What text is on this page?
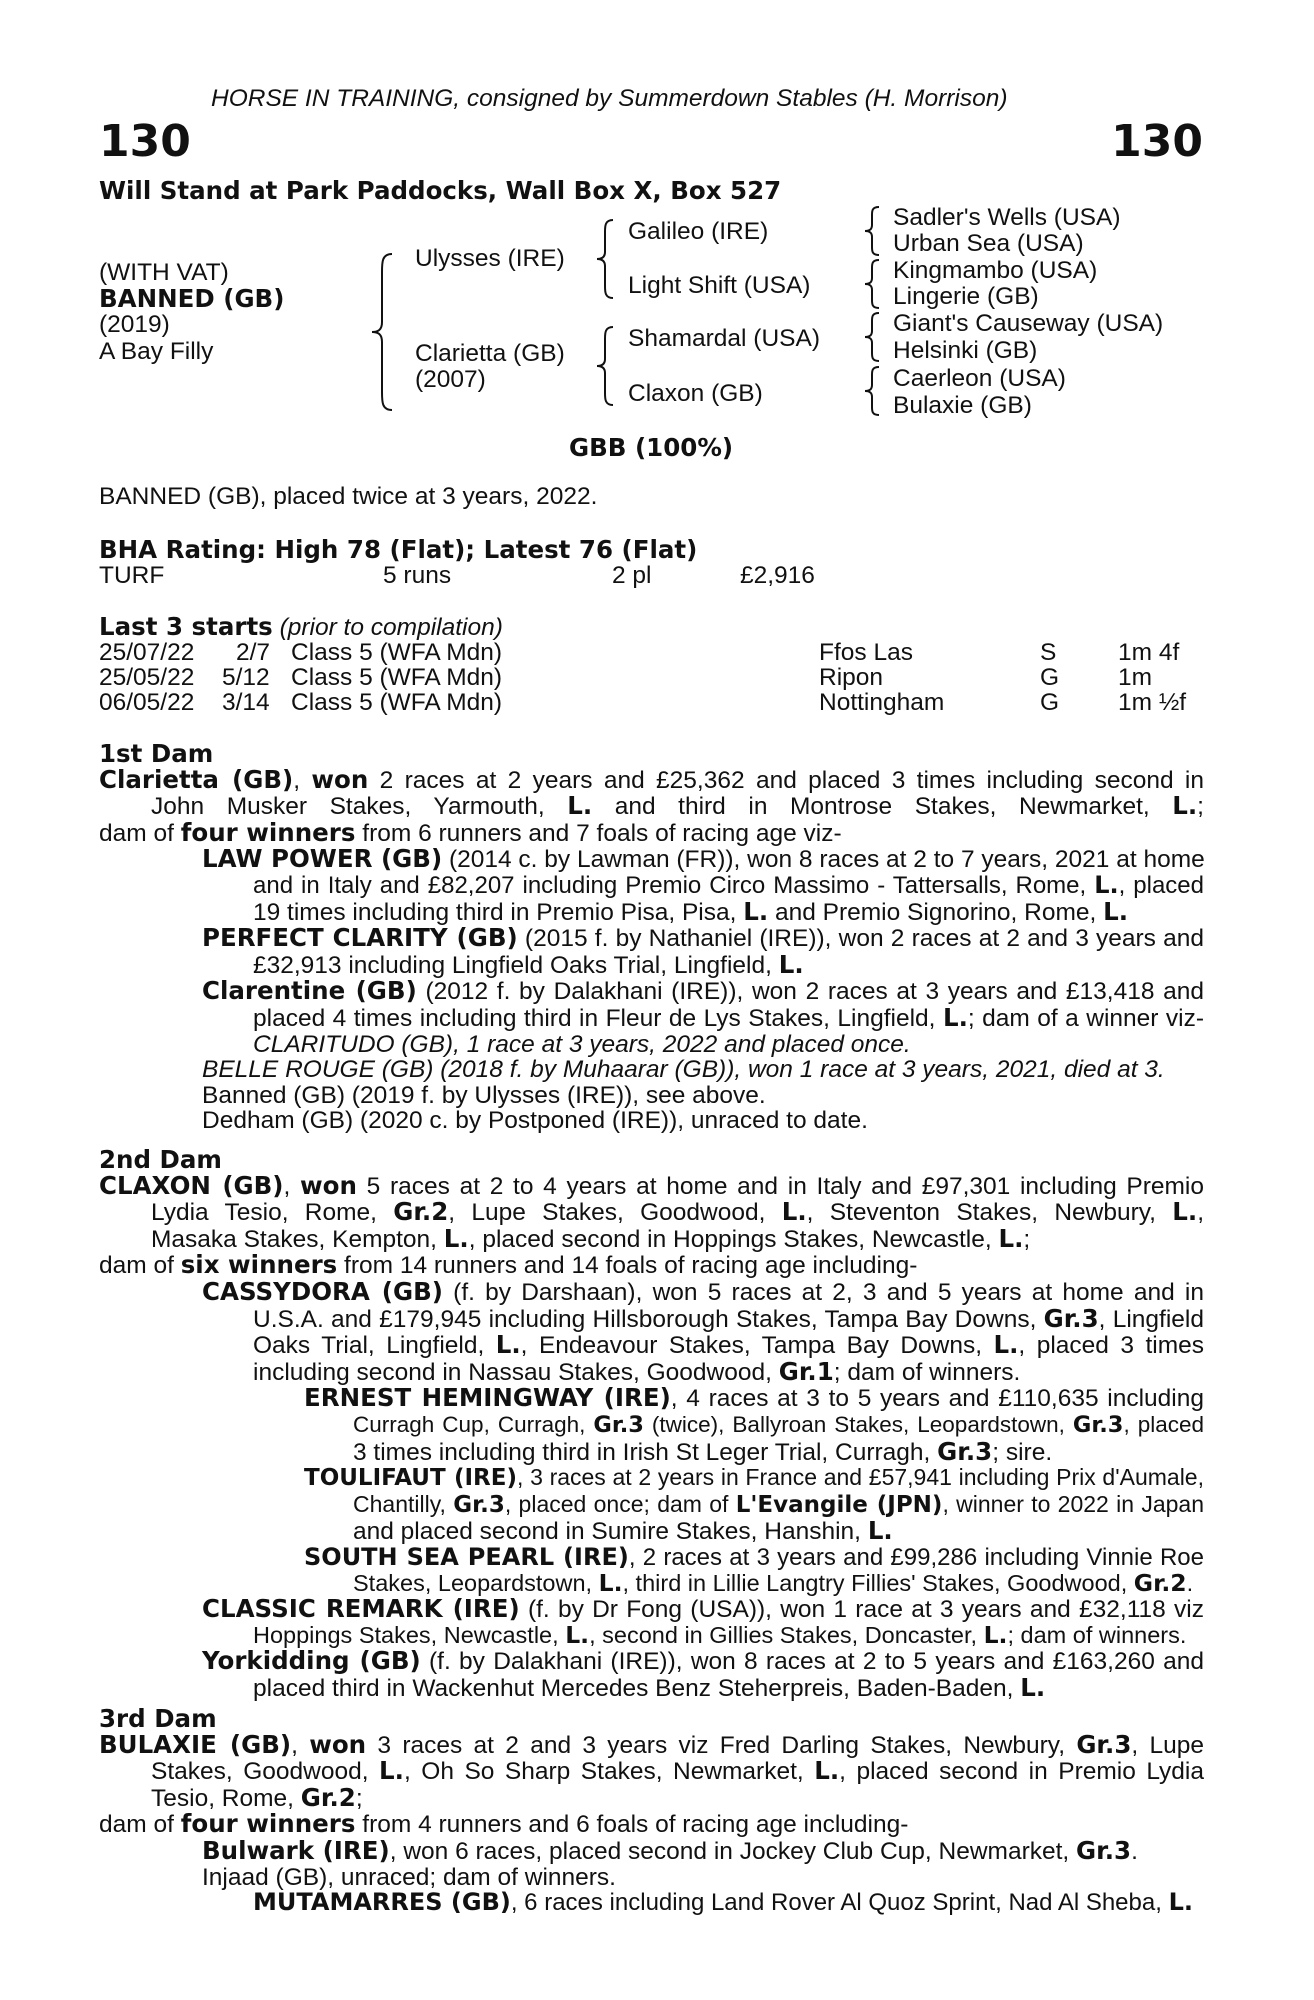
HORSE IN TRAINING, consigned by Summerdown Stables (H. Morrison)
130	130
Will Stand at Park Paddocks, Wall Box X, Box 527
(WITH VAT)
BANNED (GB)
(2019)
A Bay Filly
Ulysses (IRE)
Clarietta (GB)
(2007)
Galileo (IRE)
Light Shift (USA)
Shamardal (USA)
Claxon (GB)
Sadler's Wells (USA)
Urban Sea (USA)
Kingmambo (USA)
Lingerie (GB)
Giant's Causeway (USA)
Helsinki (GB)
Caerleon (USA)
Bulaxie (GB)
GBB (100%)
BANNED (GB), placed twice at 3 years, 2022.
BHA Rating: High 78 (Flat); Latest 76 (Flat)
TURF	5 runs	2 pl	£2,916
Last 3 starts (prior to compilation)
25/07/22 2/7 Class 5 (WFA Mdn)	Ffos Las	S	1m 4f
25/05/22 5/12 Class 5 (WFA Mdn)	Ripon	G 1m
06/05/22 3/14 Class 5 (WFA Mdn)	Nottingham	G 1m ½f
1st Dam
Clarietta (GB), won 2 races at 2 years and £25,362 and placed 3 times including second in
John Musker Stakes, Yarmouth, L. and third in Montrose Stakes, Newmarket, L.;
dam of four winners from 6 runners and 7 foals of racing age viz-
LAW POWER (GB) (2014 c. by Lawman (FR)), won 8 races at 2 to 7 years, 2021 at home
and in Italy and £82,207 including Premio Circo Massimo - Tattersalls, Rome, L., placed
19 times including third in Premio Pisa, Pisa, L. and Premio Signorino, Rome, L.
PERFECT CLARITY (GB) (2015 f. by Nathaniel (IRE)), won 2 races at 2 and 3 years and
£32,913 including Lingfield Oaks Trial, Lingfield, L.
Clarentine (GB) (2012 f. by Dalakhani (IRE)), won 2 races at 3 years and £13,418 and
placed 4 times including third in Fleur de Lys Stakes, Lingfield, L.; dam of a winner viz-
CLARITUDO (GB), 1 race at 3 years, 2022 and placed once.
BELLE ROUGE (GB) (2018 f. by Muhaarar (GB)), won 1 race at 3 years, 2021, died at 3.
Banned (GB) (2019 f. by Ulysses (IRE)), see above.
Dedham (GB) (2020 c. by Postponed (IRE)), unraced to date.
2nd Dam
CLAXON (GB), won 5 races at 2 to 4 years at home and in Italy and £97,301 including Premio
Lydia Tesio, Rome, Gr.2, Lupe Stakes, Goodwood, L., Steventon Stakes, Newbury, L.,
Masaka Stakes, Kempton, L., placed second in Hoppings Stakes, Newcastle, L.;
dam of six winners from 14 runners and 14 foals of racing age including-
CASSYDORA (GB) (f. by Darshaan), won 5 races at 2, 3 and 5 years at home and in
U.S.A. and £179,945 including Hillsborough Stakes, Tampa Bay Downs, Gr.3, Lingfield
Oaks Trial, Lingfield, L., Endeavour Stakes, Tampa Bay Downs, L., placed 3 times
including second in Nassau Stakes, Goodwood, Gr.1; dam of winners.
ERNEST HEMINGWAY (IRE), 4 races at 3 to 5 years and £110,635 including
Curragh Cup, Curragh, Gr.3 (twice), Ballyroan Stakes, Leopardstown, Gr.3, placed
3 times including third in Irish St Leger Trial, Curragh, Gr.3; sire.
TOULIFAUT (IRE), 3 races at 2 years in France and £57,941 including Prix d'Aumale,
Chantilly, Gr.3, placed once; dam of L'Evangile (JPN), winner to 2022 in Japan
and placed second in Sumire Stakes, Hanshin, L.
SOUTH SEA PEARL (IRE), 2 races at 3 years and £99,286 including Vinnie Roe
Stakes, Leopardstown, L., third in Lillie Langtry Fillies' Stakes, Goodwood, Gr.2.
CLASSIC REMARK (IRE) (f. by Dr Fong (USA)), won 1 race at 3 years and £32,118 viz
Hoppings Stakes, Newcastle, L., second in Gillies Stakes, Doncaster, L.; dam of winners.
Yorkidding (GB) (f. by Dalakhani (IRE)), won 8 races at 2 to 5 years and £163,260 and
placed third in Wackenhut Mercedes Benz Steherpreis, Baden-Baden, L.
3rd Dam
BULAXIE (GB), won 3 races at 2 and 3 years viz Fred Darling Stakes, Newbury, Gr.3, Lupe
Stakes, Goodwood, L., Oh So Sharp Stakes, Newmarket, L., placed second in Premio Lydia
Tesio, Rome, Gr.2;
dam of four winners from 4 runners and 6 foals of racing age including-
Bulwark (IRE), won 6 races, placed second in Jockey Club Cup, Newmarket, Gr.3.
Injaad (GB), unraced; dam of winners.
MUTAMARRES (GB), 6 races including Land Rover Al Quoz Sprint, Nad Al Sheba, L.
